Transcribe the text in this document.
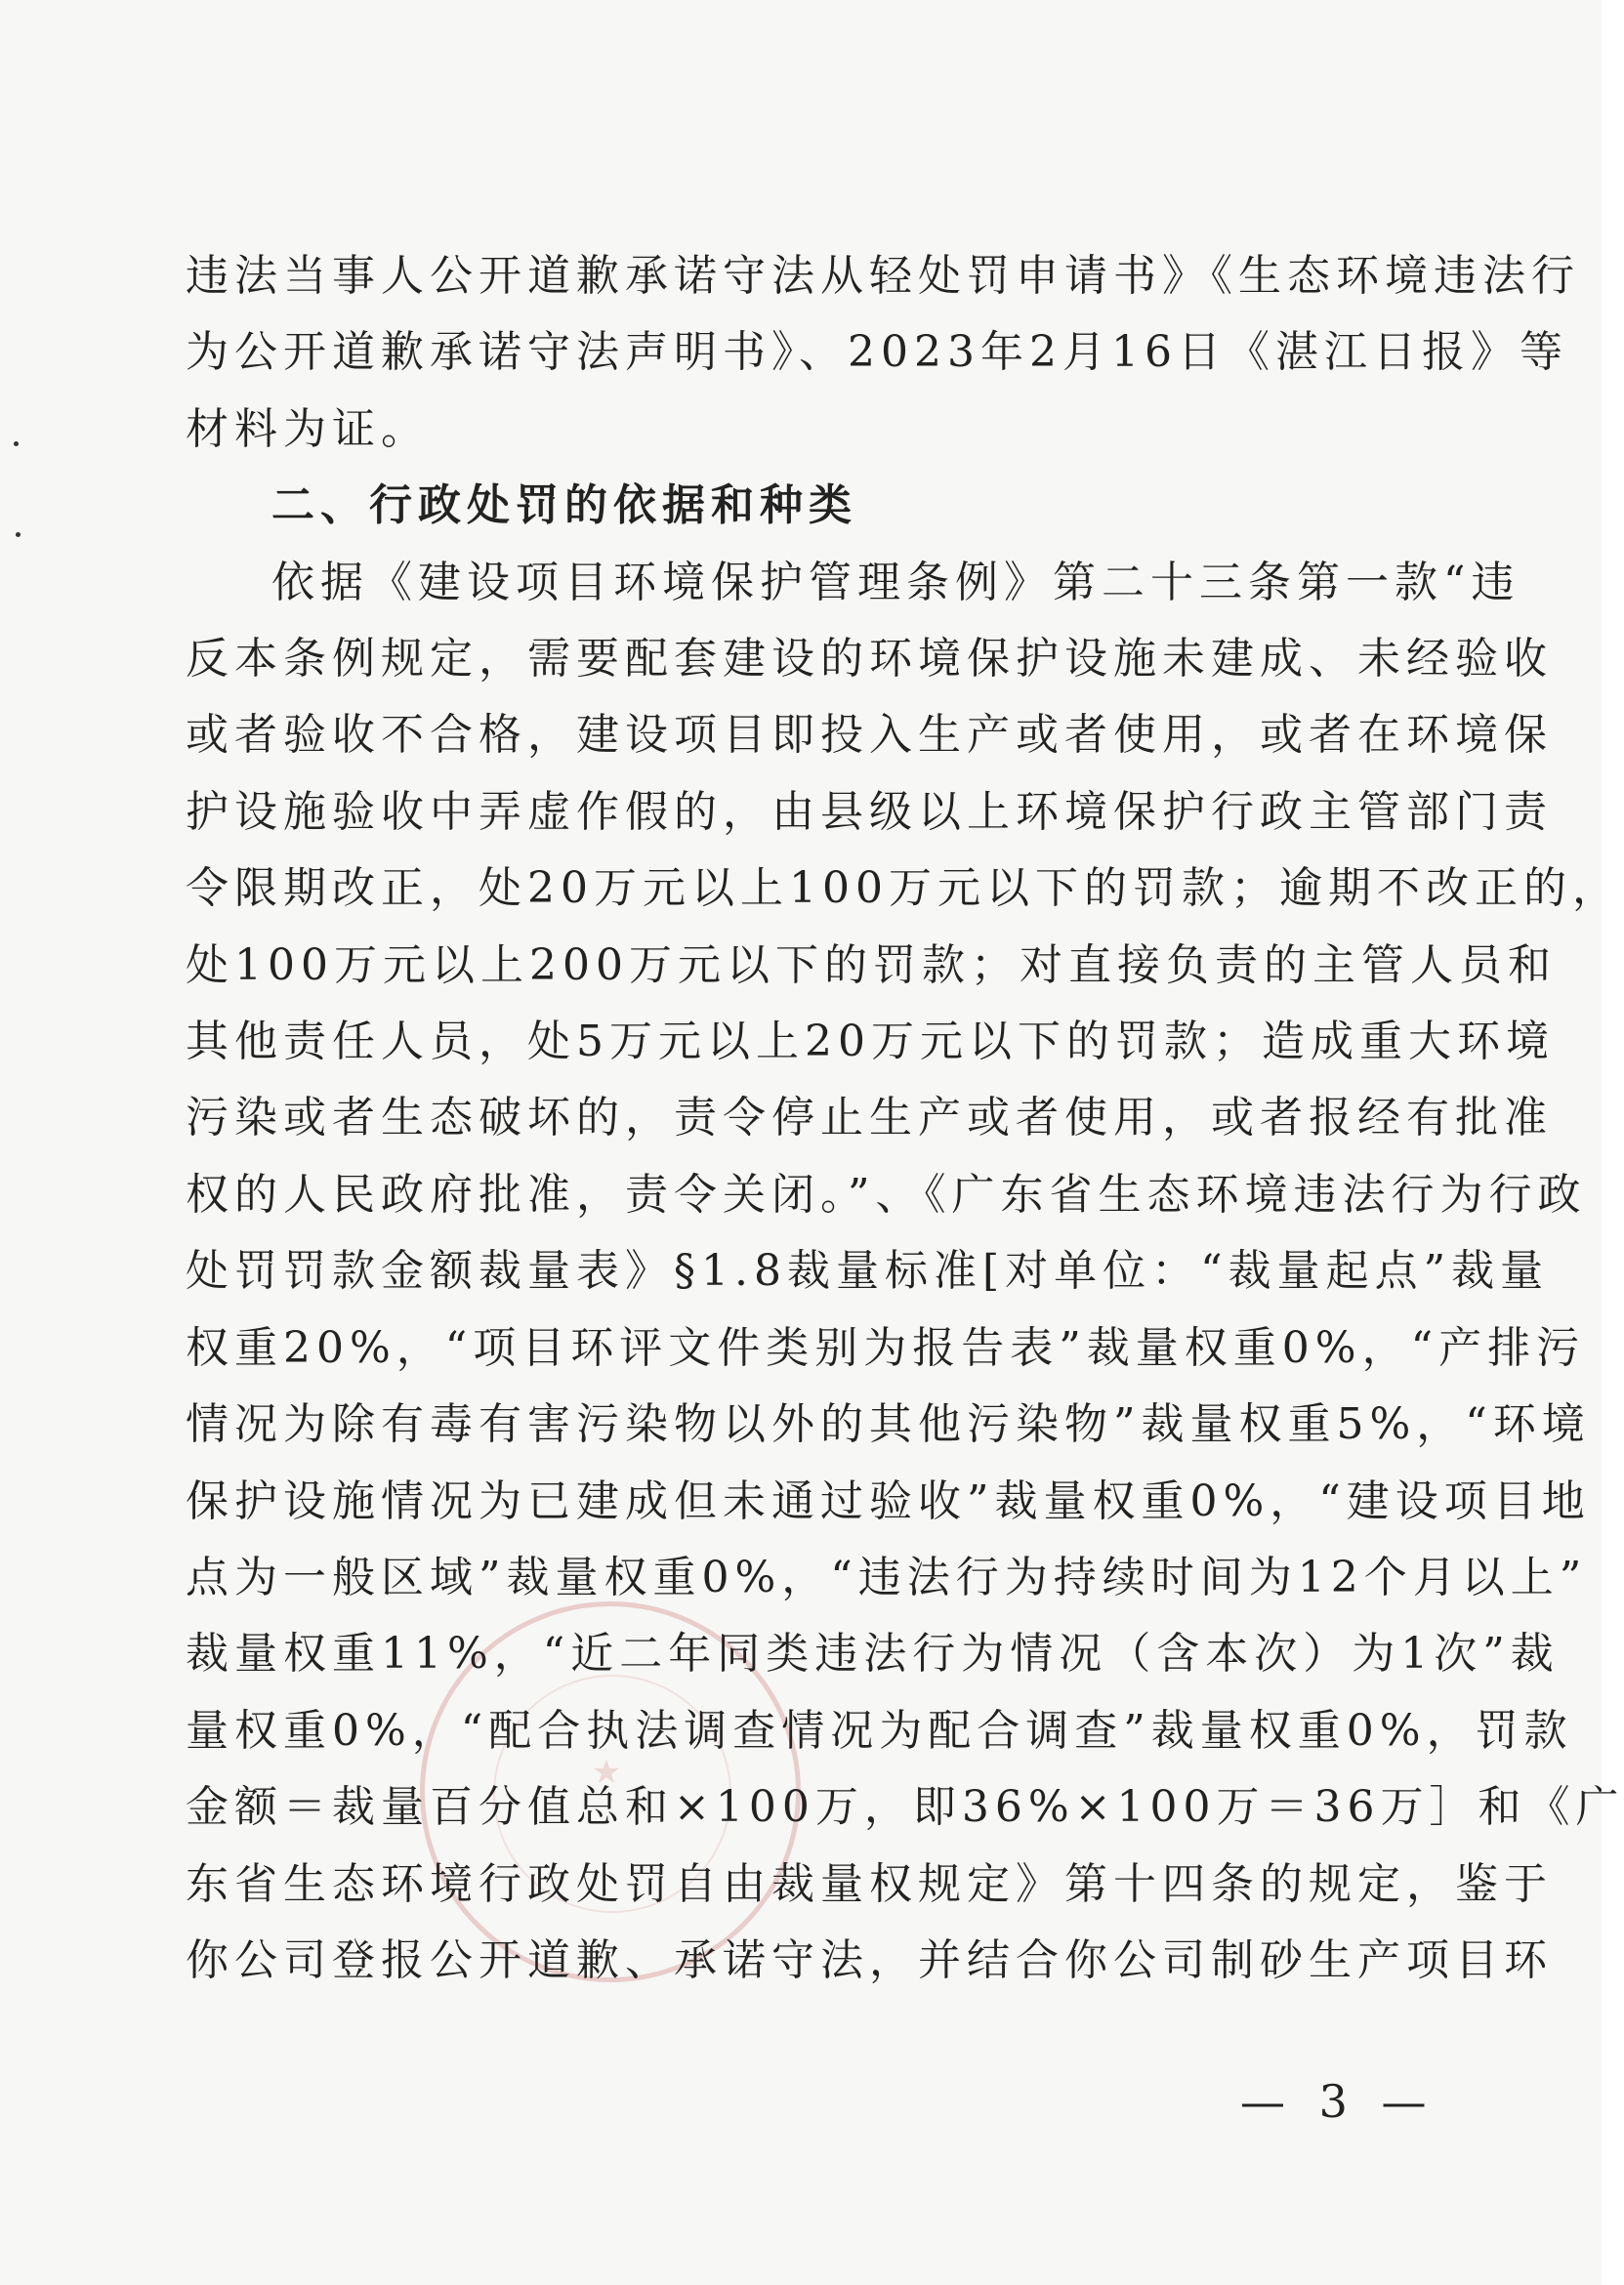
★
违法当事人公开道歉承诺守法从轻处罚申请书》《生态环境违法行
为公开道歉承诺守法声明书》、2023年2月16日《湛江日报》等
材料为证。
二、行政处罚的依据和种类
依据《建设项目环境保护管理条例》第二十三条第一款“违
反本条例规定，需要配套建设的环境保护设施未建成、未经验收
或者验收不合格，建设项目即投入生产或者使用，或者在环境保
护设施验收中弄虚作假的，由县级以上环境保护行政主管部门责
令限期改正，处20万元以上100万元以下的罚款；逾期不改正的，
处100万元以上200万元以下的罚款；对直接负责的主管人员和
其他责任人员，处5万元以上20万元以下的罚款；造成重大环境
污染或者生态破坏的，责令停止生产或者使用，或者报经有批准
权的人民政府批准，责令关闭。”、《广东省生态环境违法行为行政
处罚罚款金额裁量表》§1.8裁量标准[对单位：“裁量起点”裁量
权重20%，“项目环评文件类别为报告表”裁量权重0%，“产排污
情况为除有毒有害污染物以外的其他污染物”裁量权重5%，“环境
保护设施情况为已建成但未通过验收”裁量权重0%，“建设项目地
点为一般区域”裁量权重0%，“违法行为持续时间为12个月以上”
裁量权重11%，“近二年同类违法行为情况（含本次）为1次”裁
量权重0%，“配合执法调查情况为配合调查”裁量权重0%，罚款
金额＝裁量百分值总和×100万，即36%×100万＝36万］和《广
东省生态环境行政处罚自由裁量权规定》第十四条的规定，鉴于
你公司登报公开道歉、承诺守法，并结合你公司制砂生产项目环
— 3 —
